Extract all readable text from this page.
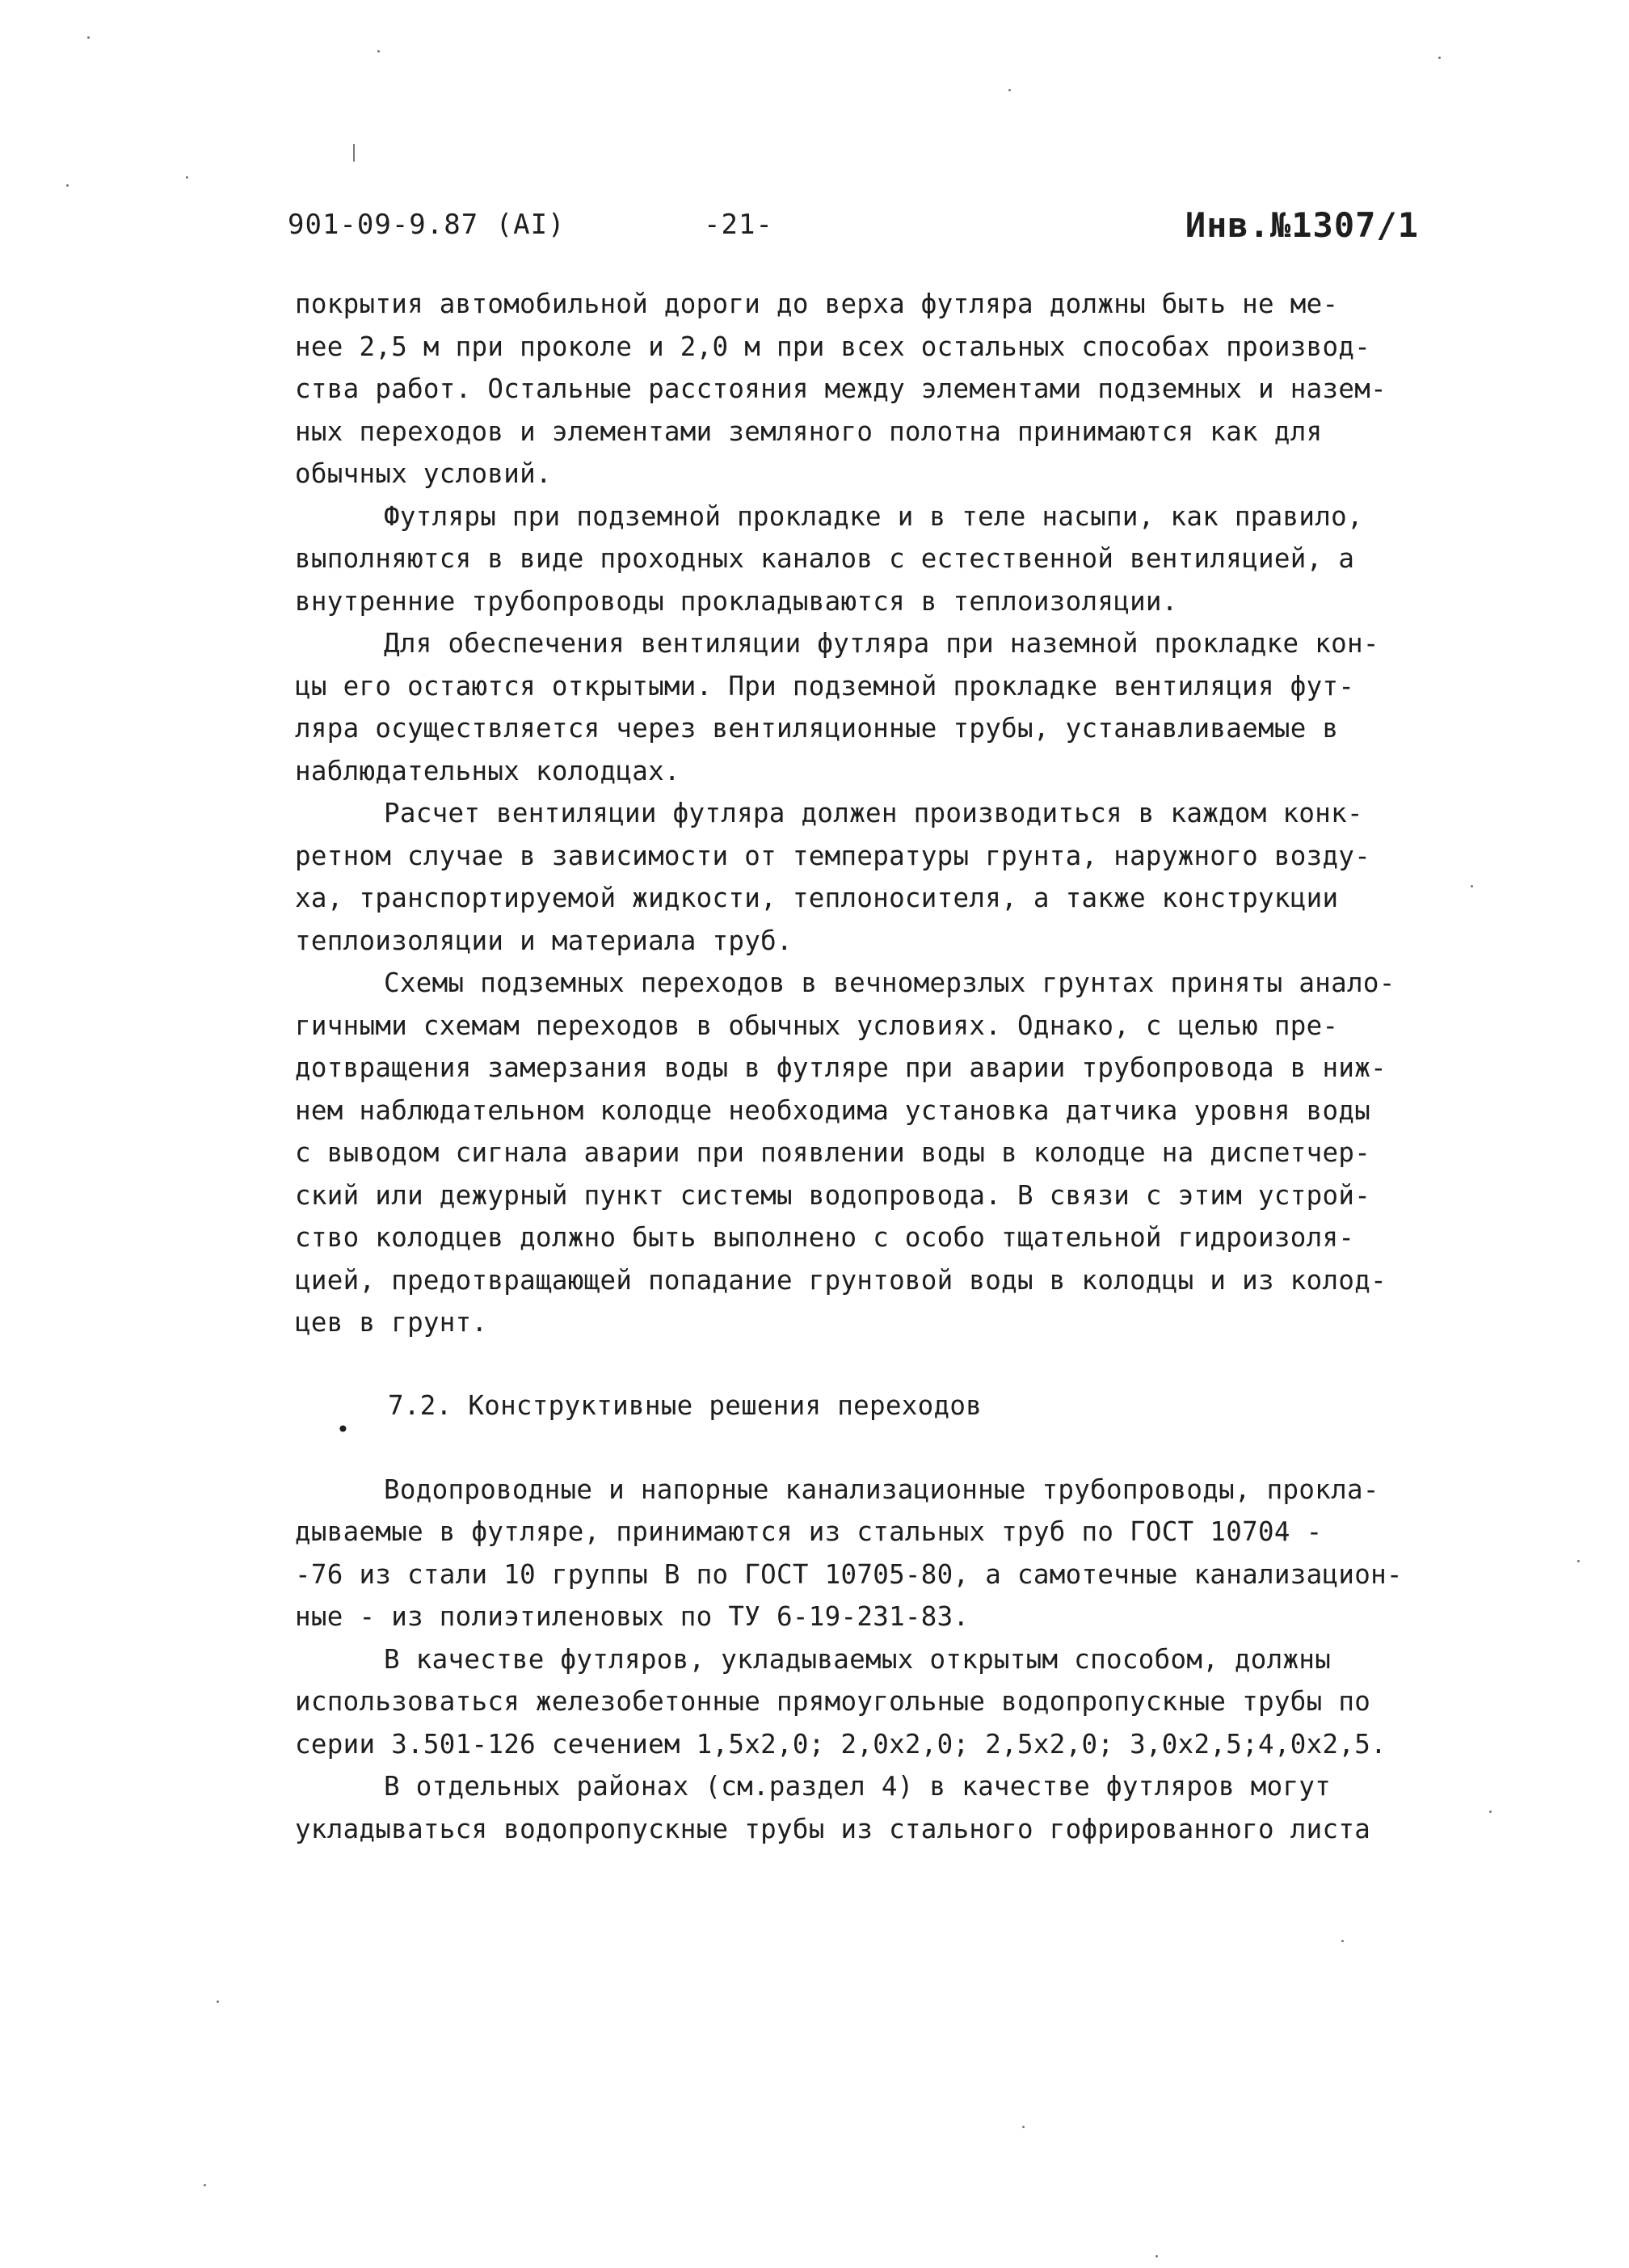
901-09-9.87 (AI)	-21-	Инв.№1307/1

покрытия автомобильной дороги до верха футляра должны быть не ме-
нее 2,5 м при проколе и 2,0 м при всех остальных способах производ-
ства работ. Остальные расстояния между элементами подземных и назем-
ных переходов и элементами земляного полотна принимаются как для
обычных условий.

Футляры при подземной прокладке и в теле насыпи, как правило,
выполняются в виде проходных каналов с естественной вентиляцией, а
внутренние трубопроводы прокладываются в теплоизоляции.

Для обеспечения вентиляции футляра при наземной прокладке кон-
цы его остаются открытыми. При подземной прокладке вентиляция фут-
ляра осуществляется через вентиляционные трубы, устанавливаемые в
наблюдательных колодцах.

Расчет вентиляции футляра должен производиться в каждом конк-
ретном случае в зависимости от температуры грунта, наружного возду-
ха, транспортируемой жидкости, теплоносителя, а также конструкции
теплоизоляции и материала труб.

Схемы подземных переходов в вечномерзлых грунтах приняты анало-
гичными схемам переходов в обычных условиях. Однако, с целью пре-
дотвращения замерзания воды в футляре при аварии трубопровода в ниж-
нем наблюдательном колодце необходима установка датчика уровня воды
с выводом сигнала аварии при появлении воды в колодце на диспетчер-
ский или дежурный пункт системы водопровода. В связи с этим устрой-
ство колодцев должно быть выполнено с особо тщательной гидроизоля-
цией, предотвращающей попадание грунтовой воды в колодцы и из колод-
цев в грунт.

7.2. Конструктивные решения переходов

Водопроводные и напорные канализационные трубопроводы, прокла-
дываемые в футляре, принимаются из стальных труб по ГОСТ 10704 -
-76 из стали 10 группы В по ГОСТ 10705-80, а самотечные канализацион-
ные - из полиэтиленовых по ТУ 6-19-231-83.

В качестве футляров, укладываемых открытым способом, должны
использоваться железобетонные прямоугольные водопропускные трубы по
серии 3.501-126 сечением 1,5x2,0; 2,0x2,0; 2,5x2,0; 3,0x2,5;4,0x2,5.
В отдельных районах (см.раздел 4) в качестве футляров могут
укладываться водопропускные трубы из стального гофрированного листа

•
